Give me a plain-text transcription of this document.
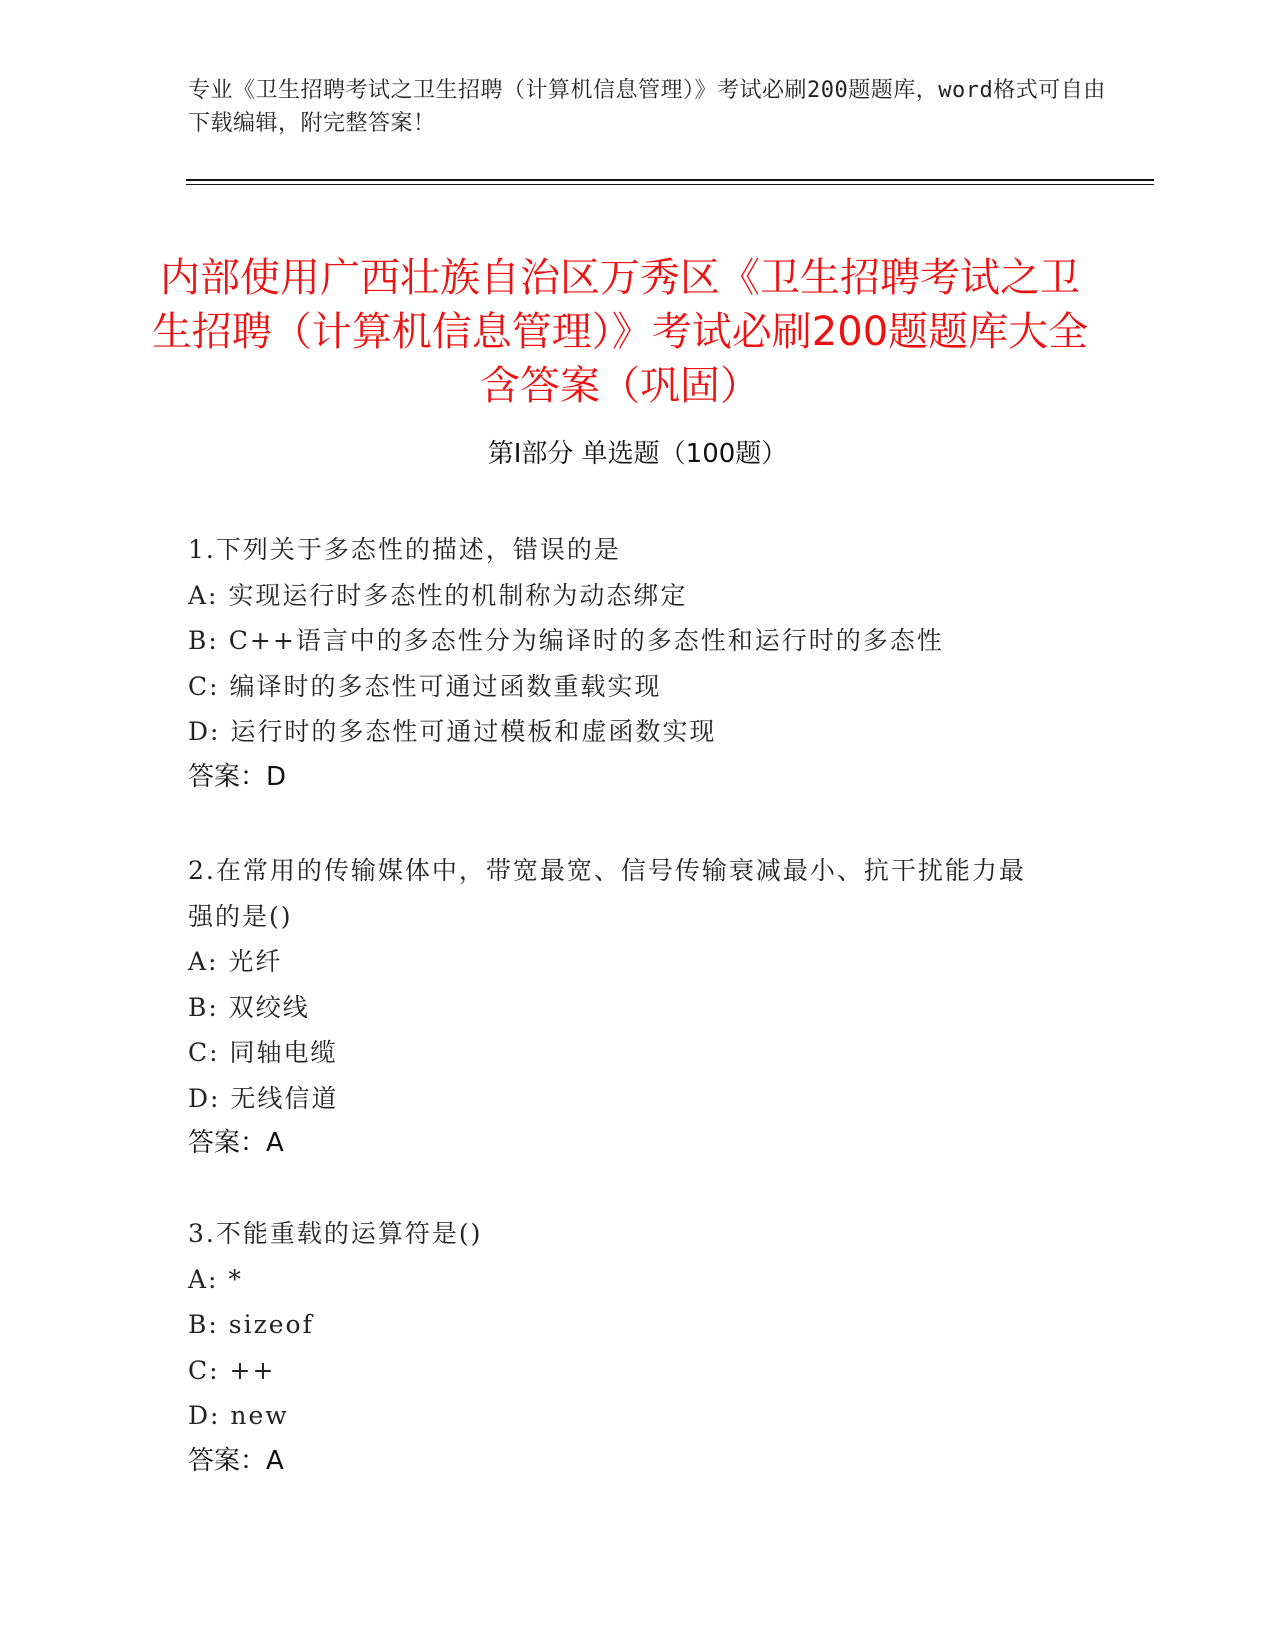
专业《卫生招聘考试之卫生招聘（计算机信息管理）》考试必刷200题题库，word格式可自由下载编辑，附完整答案！
内部使用广西壮族自治区万秀区《卫生招聘考试之卫生招聘（计算机信息管理）》考试必刷200题题库大全含答案（巩固）
第Ⅰ部分 单选题（100题）
1.下列关于多态性的描述，错误的是
A: 实现运行时多态性的机制称为动态绑定
B: C++语言中的多态性分为编译时的多态性和运行时的多态性
C: 编译时的多态性可通过函数重载实现
D: 运行时的多态性可通过模板和虚函数实现
答案：D
2.在常用的传输媒体中，带宽最宽、信号传输衰减最小、抗干扰能力最强的是()
A: 光纤
B: 双绞线
C: 同轴电缆
D: 无线信道
答案：A
3.不能重载的运算符是()
A: *
B: sizeof
C: ++
D: new
答案：A
